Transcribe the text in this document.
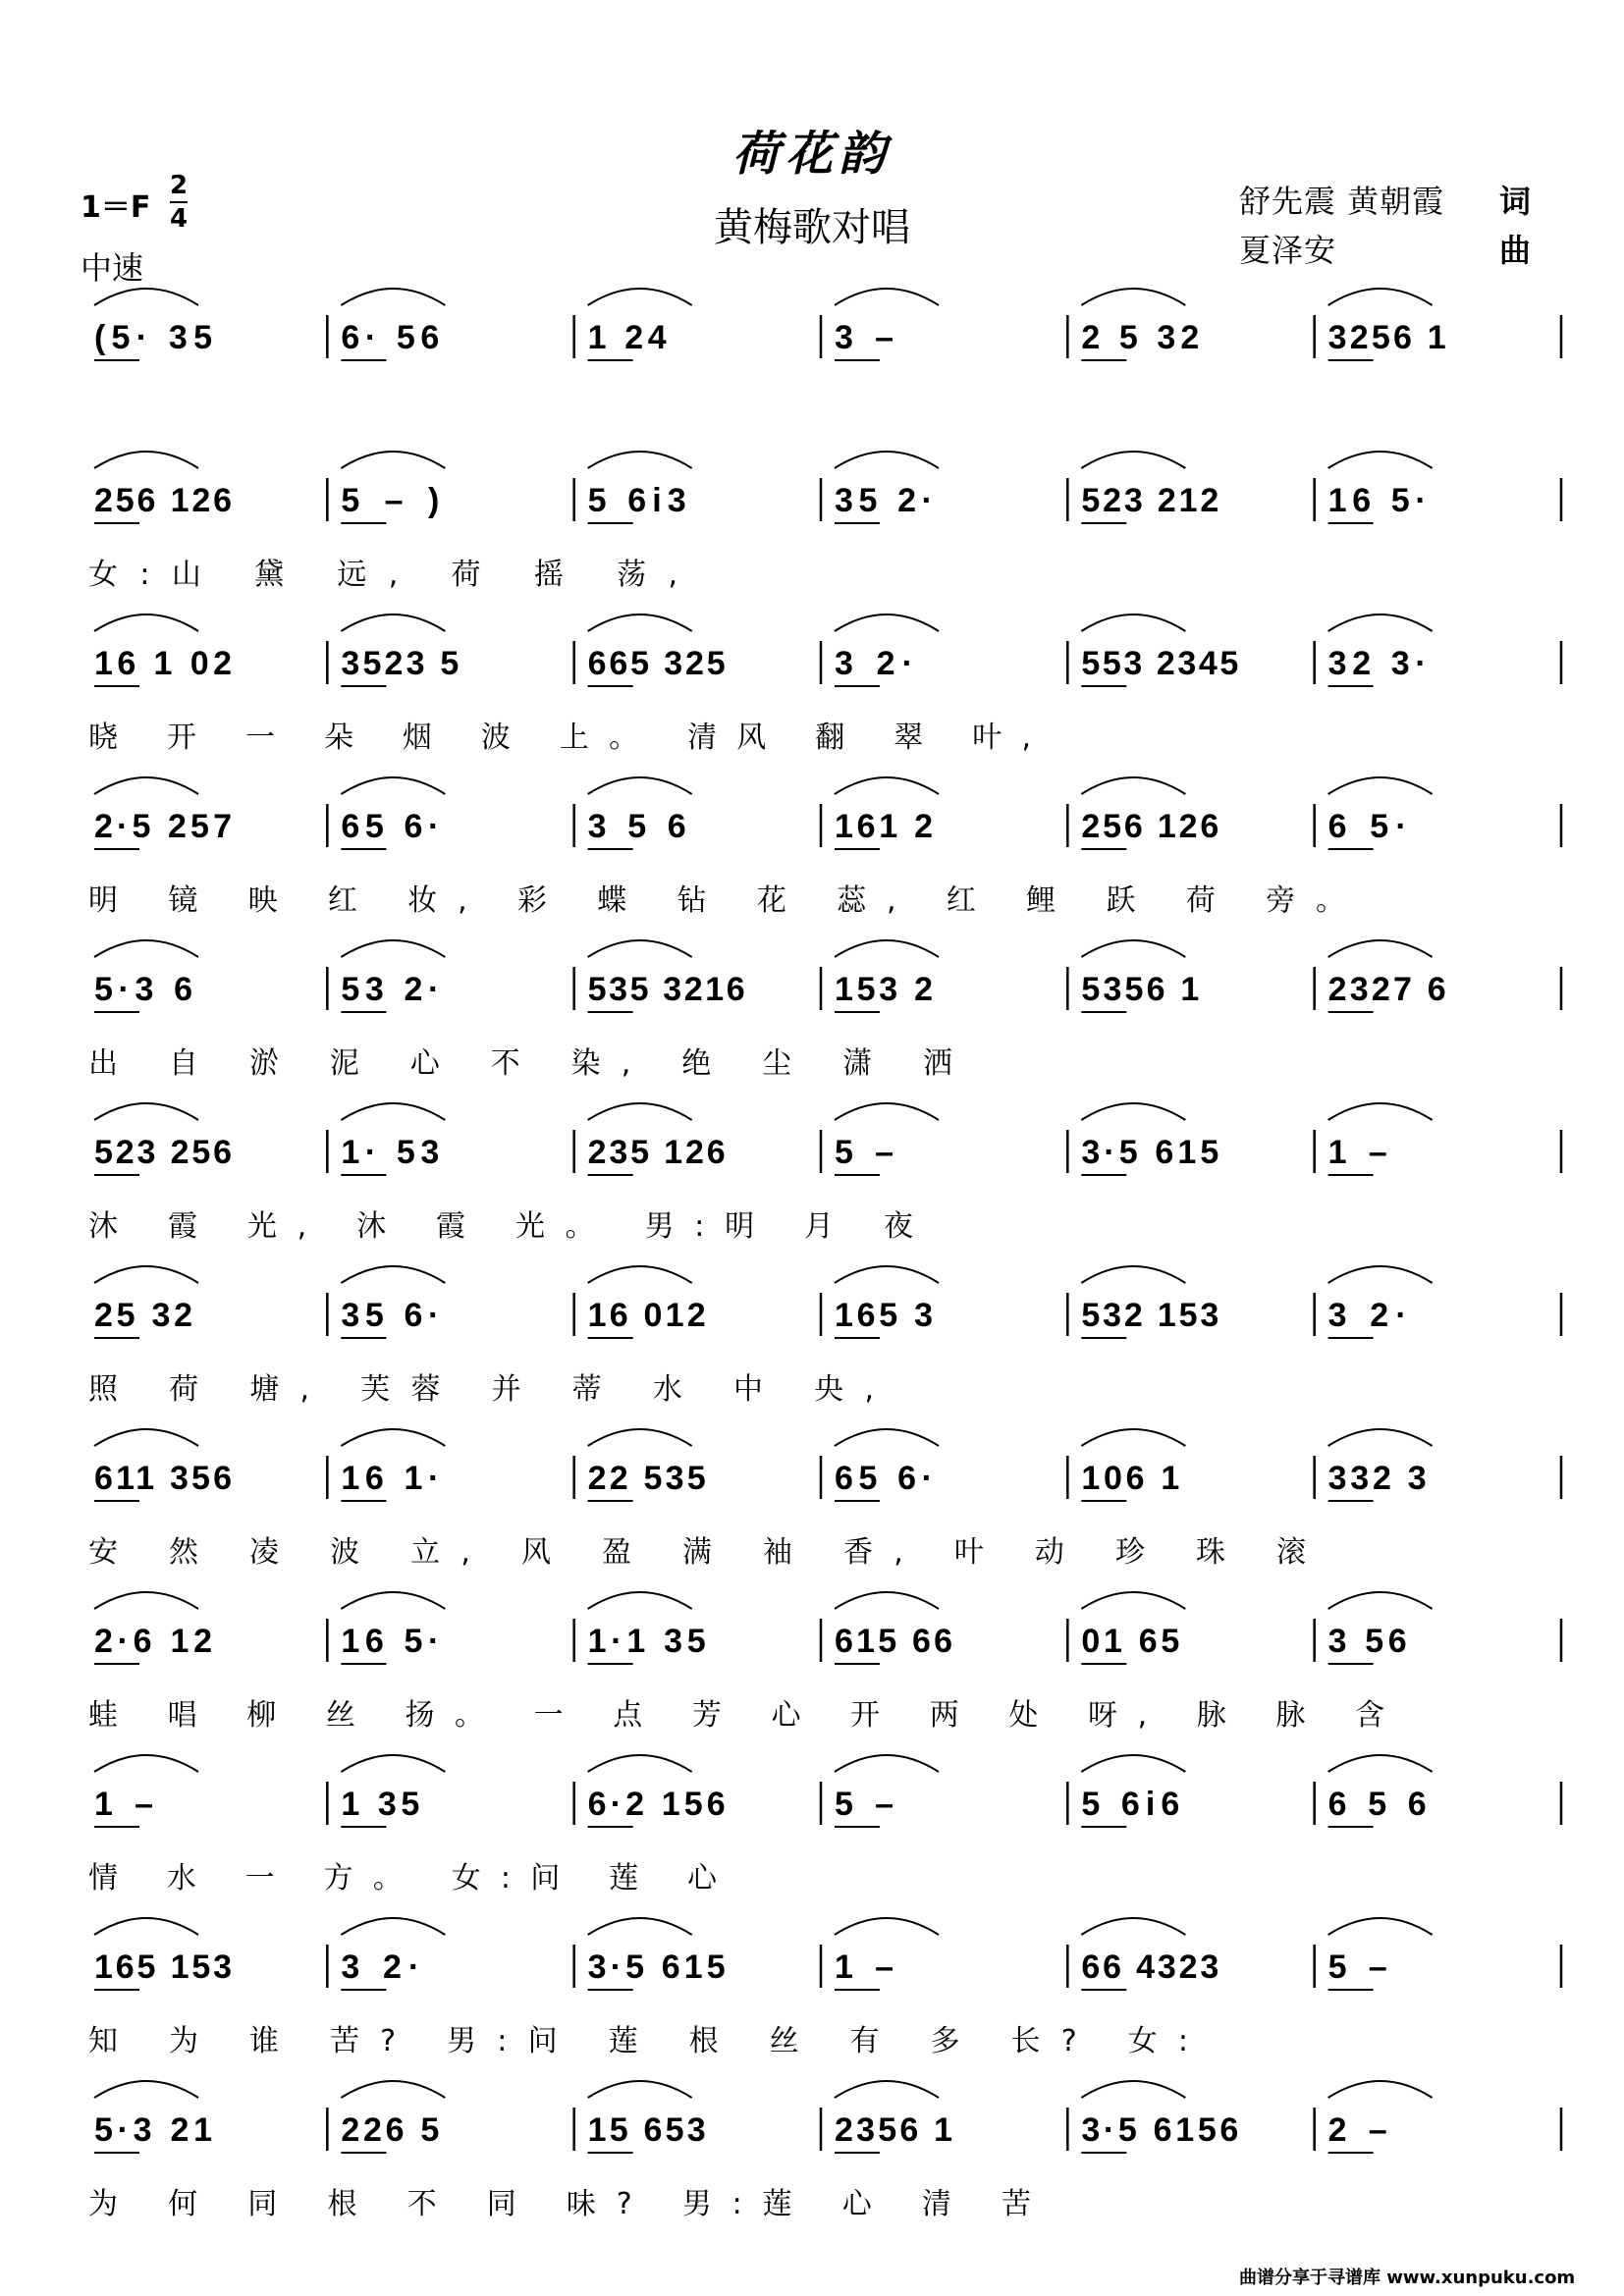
荷花韵
黄梅歌对唱
1＝F
2
4
中速
舒先震 黄朝霞 词
夏泽安	曲
(5· 35	6· 56	1 24	3 –	2 5 32	3256 1
256 126	5 – )	5 6i3	35 2·	523 212	16 5·
女:山 黛 远, 荷 摇 荡,
16 1 02	3523 5	665 325	3 2·	553 2345	32 3·
晓 开 一 朵 烟 波 上。 清风 翻 翠 叶,
2·5 257	65 6·	3 5 6	161 2	256 126	6 5·
明 镜 映 红 妆, 彩 蝶 钻 花 蕊, 红 鲤 跃 荷 旁。
5·3 6	53 2·	535 3216	153 2	5356 1	2327 6
出 自 淤 泥 心 不 染, 绝 尘 潇 洒
523 256	1· 53	235 126	5 –	3·5 615	1 –
沐 霞 光, 沐 霞 光。 男:明 月 夜
25 32	35 6·	16 012	165 3	532 153	3 2·
照 荷 塘, 芙蓉 并 蒂 水 中 央,
611 356	16 1·	22 535	65 6·	106 1	332 3
安 然 凌 波 立, 风 盈 满 袖 香, 叶 动 珍 珠 滚
2·6 12	16 5·	1·1 35	615 66	01 65	3 56
蛙 唱 柳 丝 扬。 一 点 芳 心 开 两 处 呀, 脉 脉 含
1 –	1 35	6·2 156	5 –	5 6i6	6 5 6
情 水 一 方。 女:问 莲 心
165 153	3 2·	3·5 615	1 –	66 4323	5 –
知 为 谁 苦? 男:问 莲 根 丝 有 多 长? 女:
5·3 21	226 5	15 653	2356 1	3·5 6156	2 –
为 何 同 根 不 同 味? 男:莲 心 清 苦
曲谱分享于寻谱库 www.xunpuku.com
